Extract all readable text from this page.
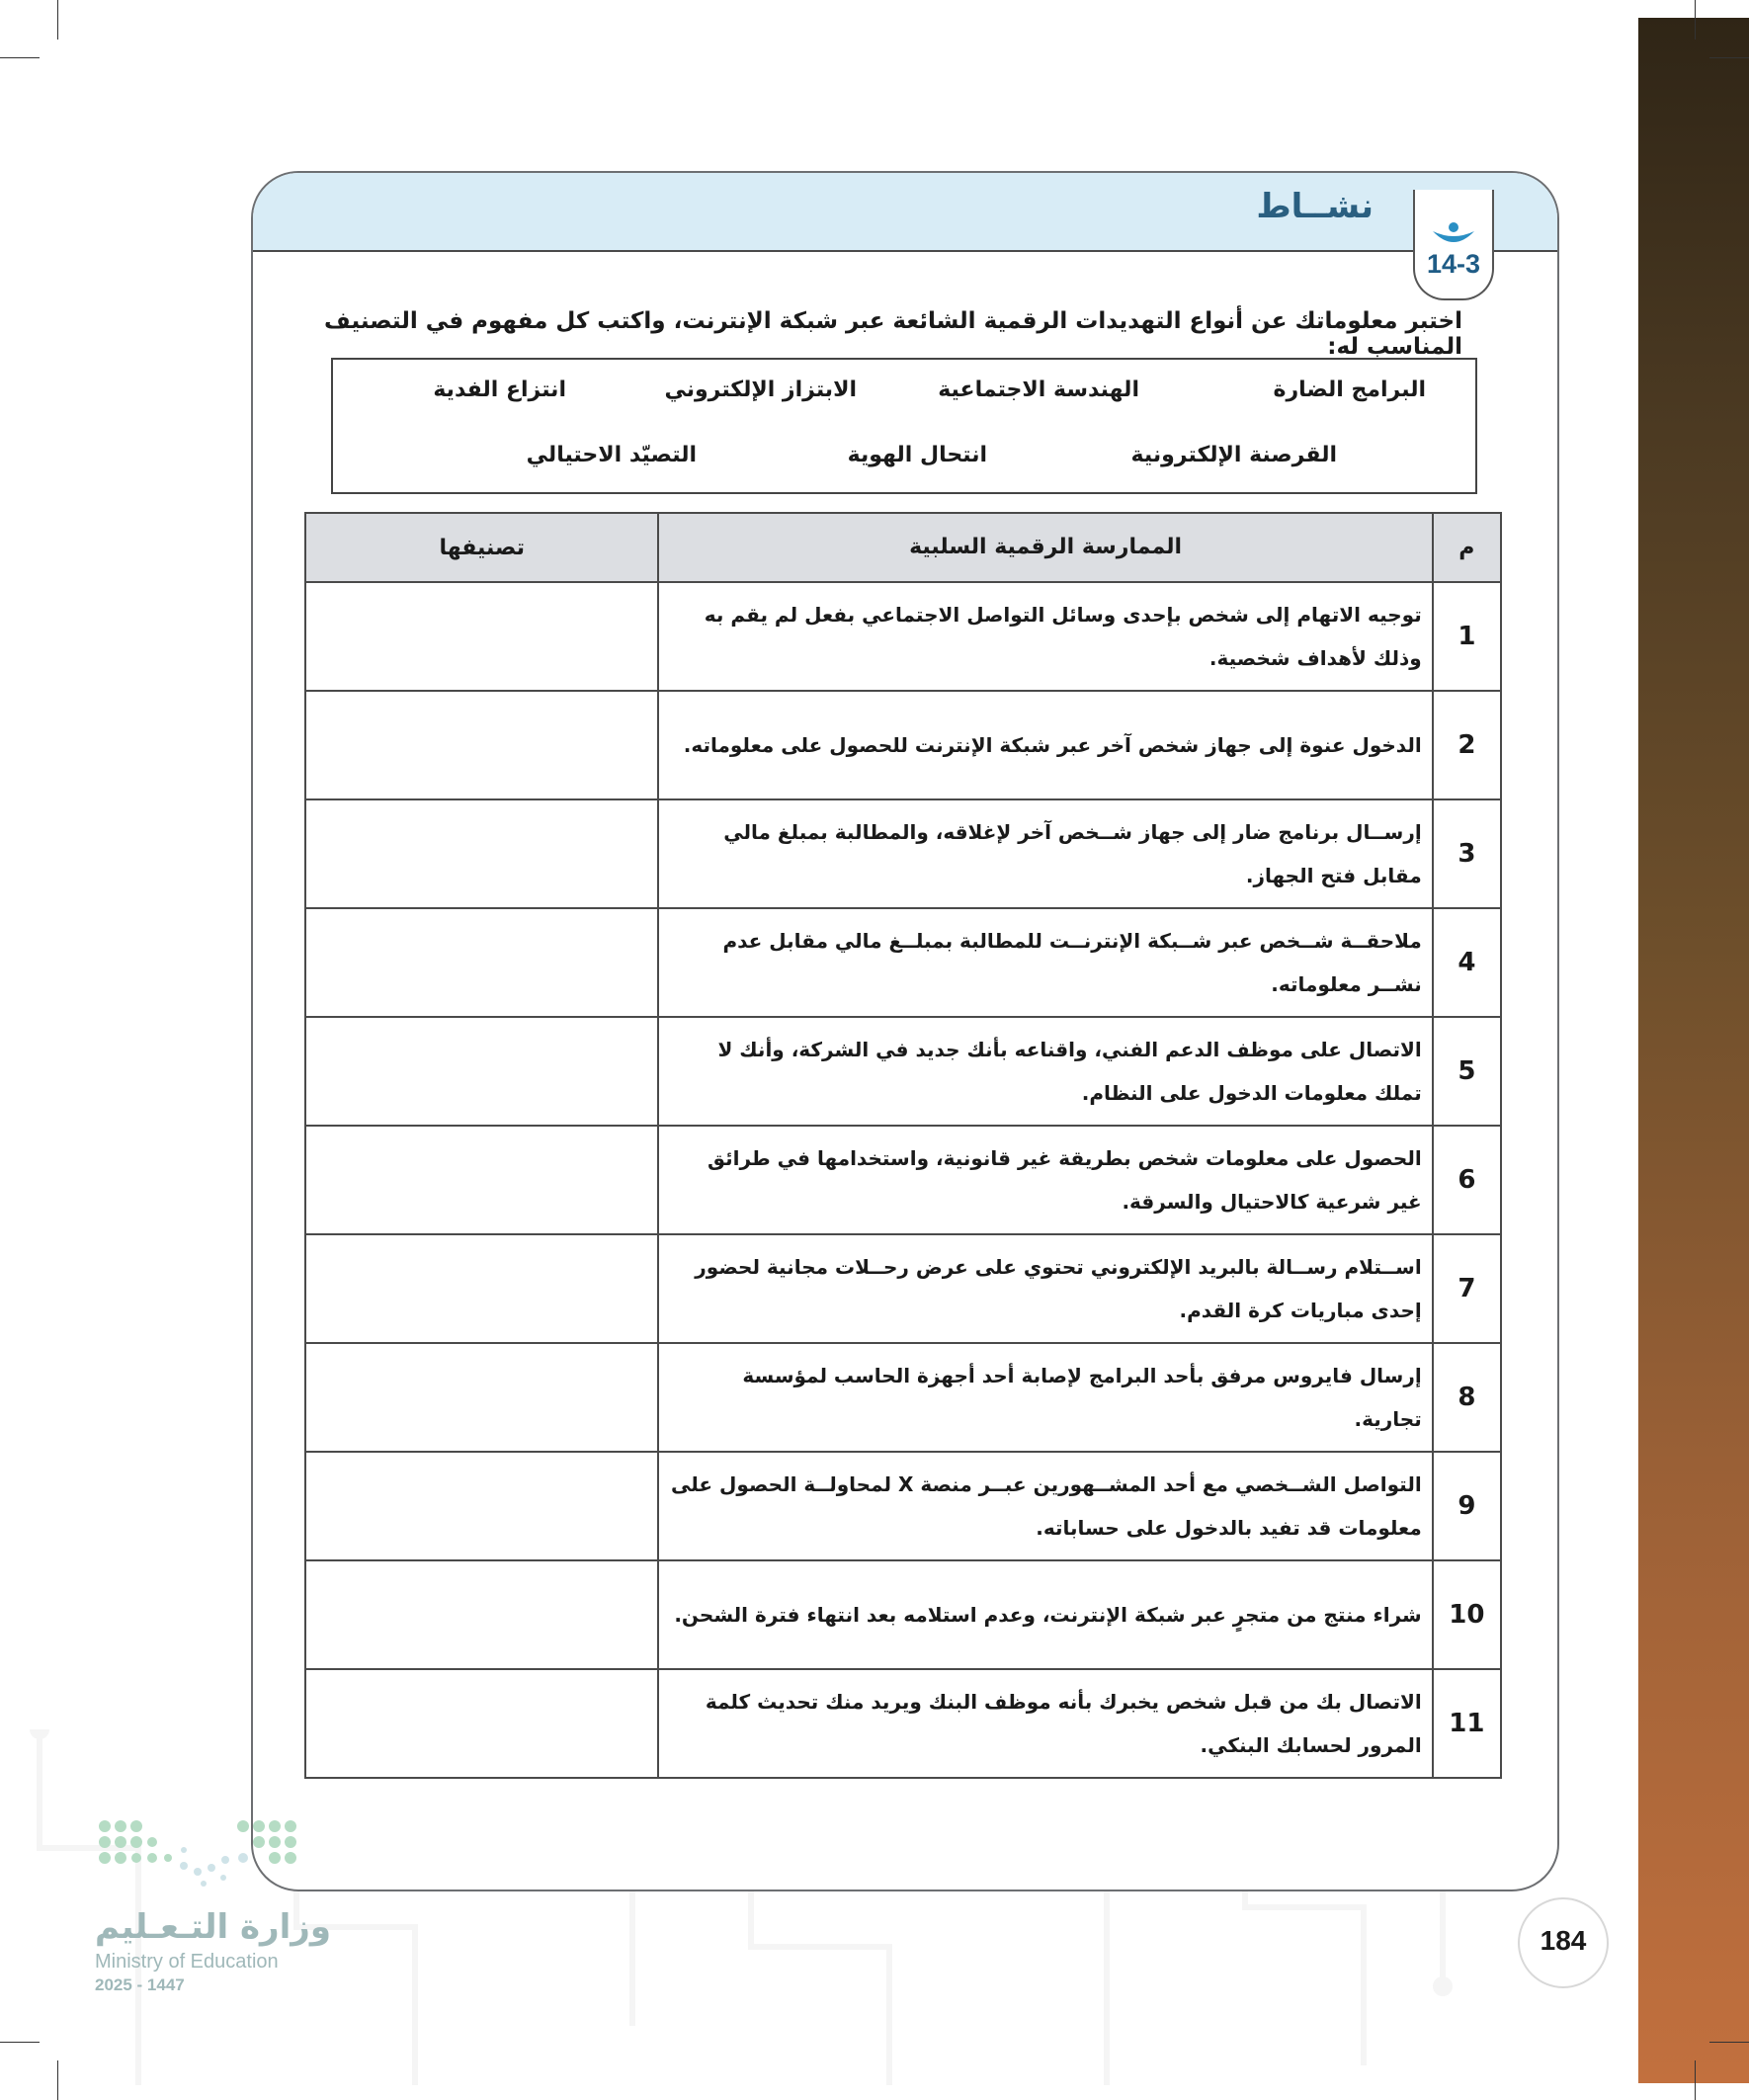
نشــاط
14-3
اختبر معلوماتك عن أنواع التهديدات الرقمية الشائعة عبر شبكة الإنترنت، واكتب كل مفهوم في التصنيف المناسب له:
البرامج الضارة
الهندسة الاجتماعية
الابتزاز الإلكتروني
انتزاع الفدية
القرصنة الإلكترونية
انتحال الهوية
التصيّد الاحتيالي
م	الممارسة الرقمية السلبية	تصنيفها
1	توجيه الاتهام إلى شخص بإحدى وسائل التواصل الاجتماعي بفعل لم يقم به وذلك لأهداف شخصية.	
2	الدخول عنوة إلى جهاز شخص آخر عبر شبكة الإنترنت للحصول على معلوماته.	
3	إرســال برنامج ضار إلى جهاز شــخص آخر لإغلاقه، والمطالبة بمبلغ مالي مقابل فتح الجهاز.	
4	ملاحقــة شــخص عبر شــبكة الإنترنــت للمطالبة بمبلــغ مالي مقابل عدم نشــر معلوماته.	
5	الاتصال على موظف الدعم الفني، واقناعه بأنك جديد في الشركة، وأنك لا تملك معلومات الدخول على النظام.	
6	الحصول على معلومات شخص بطريقة غير قانونية، واستخدامها في طرائق غير شرعية كالاحتيال والسرقة.	
7	اســتلام رســالة بالبريد الإلكتروني تحتوي على عرض رحــلات مجانية لحضور إحدى مباريات كرة القدم.	
8	إرسال فايروس مرفق بأحد البرامج لإصابة أحد أجهزة الحاسب لمؤسسة تجارية.	
9	التواصل الشــخصي مع أحد المشــهورين عبــر منصة X لمحاولــة الحصول على معلومات قد تفيد بالدخول على حساباته.	
10	شراء منتج من متجرٍ عبر شبكة الإنترنت، وعدم استلامه بعد انتهاء فترة الشحن.	
11	الاتصال بك من قبل شخص يخبرك بأنه موظف البنك ويريد منك تحديث كلمة المرور لحسابك البنكي.	
وزارة التـعـليم
Ministry of Education
2025 - 1447
184
